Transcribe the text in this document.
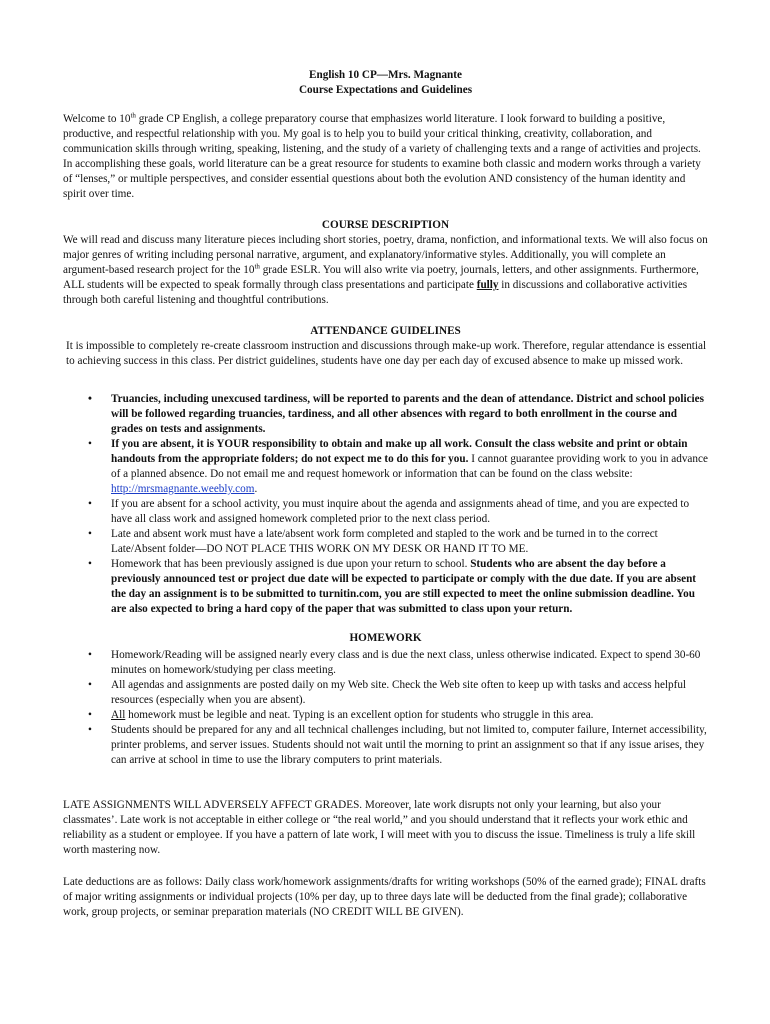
English 10 CP—Mrs. Magnante
Course Expectations and Guidelines

Welcome to 10th grade CP English, a college preparatory course that emphasizes world literature. I look forward to building a positive, productive, and respectful relationship with you. My goal is to help you to build your critical thinking, creativity, collaboration, and communication skills through writing, speaking, listening, and the study of a variety of challenging texts and a range of activities and projects. In accomplishing these goals, world literature can be a great resource for students to examine both classic and modern works through a variety of “lenses,” or multiple perspectives, and consider essential questions about both the evolution AND consistency of the human identity and spirit over time.

COURSE DESCRIPTION

We will read and discuss many literature pieces including short stories, poetry, drama, nonfiction, and informational texts. We will also focus on major genres of writing including personal narrative, argument, and explanatory/informative styles. Additionally, you will complete an argument-based research project for the 10th grade ESLR. You will also write via poetry, journals, letters, and other assignments. Furthermore, ALL students will be expected to speak formally through class presentations and participate fully in discussions and collaborative activities through both careful listening and thoughtful contributions.

ATTENDANCE GUIDELINES

It is impossible to completely re-create classroom instruction and discussions through make-up work. Therefore, regular attendance is essential to achieving success in this class. Per district guidelines, students have one day per each day of excused absence to make up missed work.

• Truancies, including unexcused tardiness, will be reported to parents and the dean of attendance. District and school policies will be followed regarding truancies, tardiness, and all other absences with regard to both enrollment in the course and grades on tests and assignments.
• If you are absent, it is YOUR responsibility to obtain and make up all work. Consult the class website and print or obtain handouts from the appropriate folders; do not expect me to do this for you. I cannot guarantee providing work to you in advance of a planned absence. Do not email me and request homework or information that can be found on the class website: http://mrsmagnante.weebly.com.
• If you are absent for a school activity, you must inquire about the agenda and assignments ahead of time, and you are expected to have all class work and assigned homework completed prior to the next class period.
• Late and absent work must have a late/absent work form completed and stapled to the work and be turned in to the correct Late/Absent folder—DO NOT PLACE THIS WORK ON MY DESK OR HAND IT TO ME.
• Homework that has been previously assigned is due upon your return to school. Students who are absent the day before a previously announced test or project due date will be expected to participate or comply with the due date. If you are absent the day an assignment is to be submitted to turnitin.com, you are still expected to meet the online submission deadline. You are also expected to bring a hard copy of the paper that was submitted to class upon your return.
HOMEWORK
• Homework/Reading will be assigned nearly every class and is due the next class, unless otherwise indicated. Expect to spend 30-60 minutes on homework/studying per class meeting.
• All agendas and assignments are posted daily on my Web site. Check the Web site often to keep up with tasks and access helpful resources (especially when you are absent).
• All homework must be legible and neat. Typing is an excellent option for students who struggle in this area.
• Students should be prepared for any and all technical challenges including, but not limited to, computer failure, Internet accessibility, printer problems, and server issues. Students should not wait until the morning to print an assignment so that if any issue arises, they can arrive at school in time to use the library computers to print materials.

LATE ASSIGNMENTS WILL ADVERSELY AFFECT GRADES. Moreover, late work disrupts not only your learning, but also your classmates’. Late work is not acceptable in either college or “the real world,” and you should understand that it reflects your work ethic and reliability as a student or employee. If you have a pattern of late work, I will meet with you to discuss the issue. Timeliness is truly a life skill worth mastering now.

Late deductions are as follows: Daily class work/homework assignments/drafts for writing workshops (50% of the earned grade); FINAL drafts of major writing assignments or individual projects (10% per day, up to three days late will be deducted from the final grade); collaborative work, group projects, or seminar preparation materials (NO CREDIT WILL BE GIVEN).
